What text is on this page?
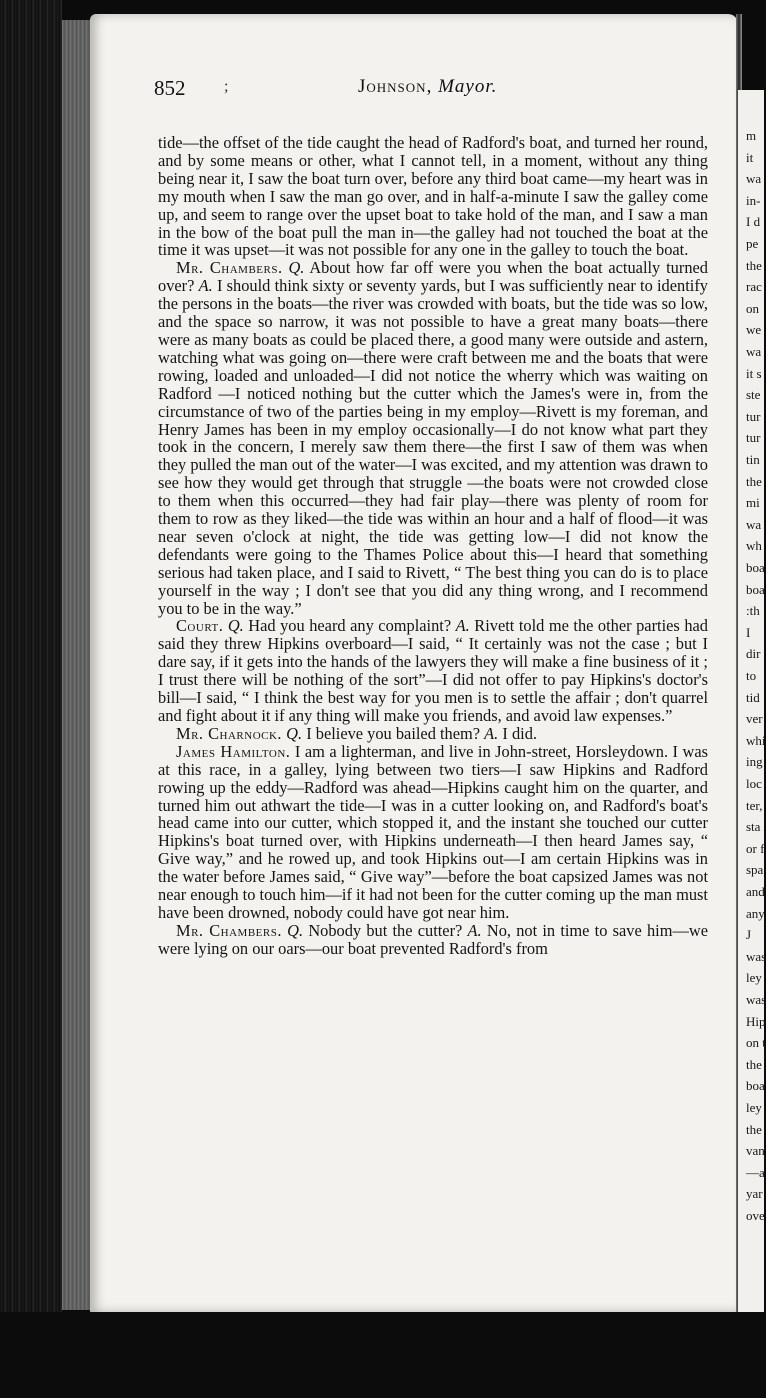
852 ;	Johnson, Mayor.

tide—the offset of the tide caught the head of Radford's boat, and turned her round, and by some means or other, what I cannot tell, in a moment, without any thing being near it, I saw the boat turn over, before any third boat came—my heart was in my mouth when I saw the man go over, and in half-a-minute I saw the galley come up, and seem to range over the upset boat to take hold of the man, and I saw a man in the bow of the boat pull the man in—the galley had not touched the boat at the time it was upset—it was not possible for any one in the galley to touch the boat.

Mr. Chambers. Q. About how far off were you when the boat actually turned over? A. I should think sixty or seventy yards, but I was sufficiently near to identify the persons in the boats—the river was crowded with boats, but the tide was so low, and the space so narrow, it was not possible to have a great many boats—there were as many boats as could be placed there, a good many were outside and astern, watching what was going on—there were craft between me and the boats that were rowing, loaded and unloaded—I did not notice the wherry which was waiting on Radford —I noticed nothing but the cutter which the James's were in, from the circumstance of two of the parties being in my employ—Rivett is my foreman, and Henry James has been in my employ occasionally—I do not know what part they took in the concern, I merely saw them there—the first I saw of them was when they pulled the man out of the water—I was excited, and my attention was drawn to see how they would get through that struggle —the boats were not crowded close to them when this occurred—they had fair play—there was plenty of room for them to row as they liked—the tide was within an hour and a half of flood—it was near seven o'clock at night, the tide was getting low—I did not know the defendants were going to the Thames Police about this—I heard that something serious had taken place, and I said to Rivett, “ The best thing you can do is to place yourself in the way ; I don't see that you did any thing wrong, and I recommend you to be in the way.”

Court. Q. Had you heard any complaint? A. Rivett told me the other parties had said they threw Hipkins overboard—I said, “ It certainly was not the case ; but I dare say, if it gets into the hands of the lawyers they will make a fine business of it ; I trust there will be nothing of the sort”—I did not offer to pay Hipkins's doctor's bill—I said, “ I think the best way for you men is to settle the affair ; don't quarrel and fight about it if any thing will make you friends, and avoid law expenses.”

Mr. Charnock. Q. I believe you bailed them? A. I did.

James Hamilton. I am a lighterman, and live in John-street, Horsleydown. I was at this race, in a galley, lying between two tiers—I saw Hipkins and Radford rowing up the eddy—Radford was ahead—Hipkins caught him on the quarter, and turned him out athwart the tide—I was in a cutter looking on, and Radford's boat's head came into our cutter, which stopped it, and the instant she touched our cutter Hipkins's boat turned over, with Hipkins underneath—I then heard James say, “ Give way,” and he rowed up, and took Hipkins out—I am certain Hipkins was in the water before James said, “ Give way”—before the boat capsized James was not near enough to touch him—if it had not been for the cutter coming up the man must have been drowned, nobody could have got near him.

Mr. Chambers. Q. Nobody but the cutter? A. No, not in time to save him—we were lying on our oars—our boat prevented Radford's from

m
it
wa
in-
I d
pe
the
rac
on
we
wa
it s
ste
tur
tur
tin
the
mi
wa
wh
boa
boa
:th
I
dir
to
tid
ver
whi
ing
loc
ter,
sta
or f
spa
and
any
J
was
ley
was
Hip
on t
the
boa
ley
the
van
—a
yar
ove
